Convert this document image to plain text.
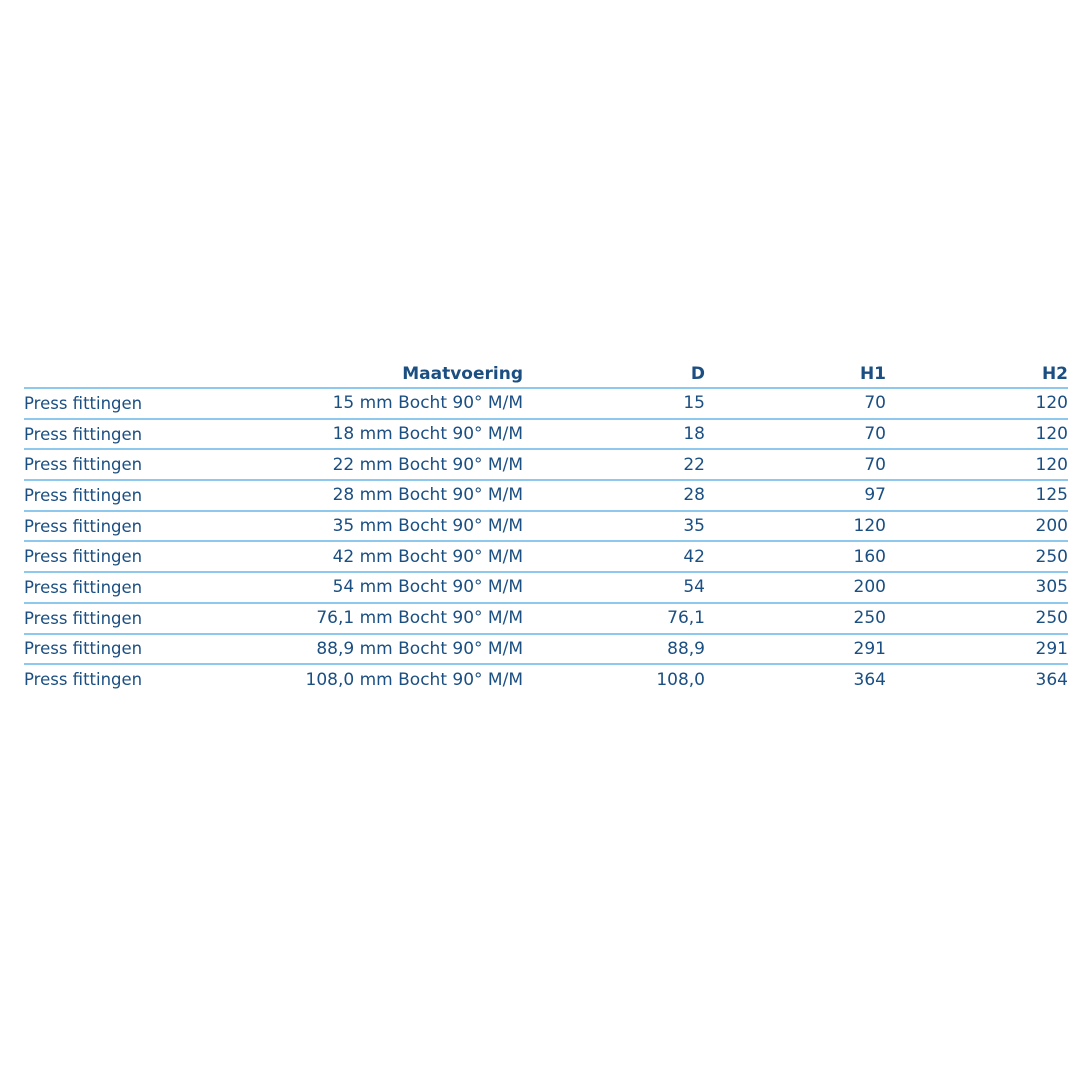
	Maatvoering	D	H1	H2
Press fittingen	15 mm Bocht 90° M/M	15	70	120
Press fittingen	18 mm Bocht 90° M/M	18	70	120
Press fittingen	22 mm Bocht 90° M/M	22	70	120
Press fittingen	28 mm Bocht 90° M/M	28	97	125
Press fittingen	35 mm Bocht 90° M/M	35	120	200
Press fittingen	42 mm Bocht 90° M/M	42	160	250
Press fittingen	54 mm Bocht 90° M/M	54	200	305
Press fittingen	76,1 mm Bocht 90° M/M	76,1	250	250
Press fittingen	88,9 mm Bocht 90° M/M	88,9	291	291
Press fittingen	108,0 mm Bocht 90° M/M	108,0	364	364
